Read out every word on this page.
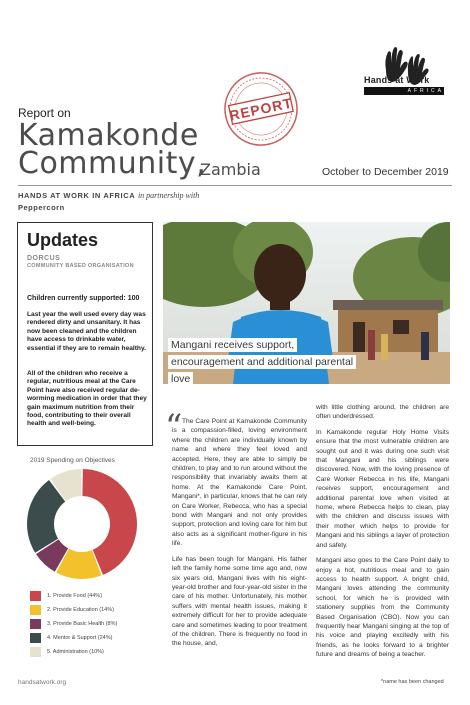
Hands at Work
AFRICA
REPORT
Report on
Kamakonde
Community,
Zambia	October to December 2019
HANDS AT WORK IN AFRICA in partnership with
Peppercorn
Updates
DORCUS
COMMUNITY BASED ORGANISATION
Children currently supported: 100
Last year the well used every day was rendered dirty and unsanitary. It has now been cleaned and the children have access to drinkable water, essential if they are to remain healthy.
All of the children who receive a regular, nutritious meal at the Care Point have also received regular de-worming medication in order that they gain maximum nutrition from their food, contributing to their overall health and well-being.
Mangani receives support, encouragement and additional parental love
2019 Spending on Objectives
1. Provide Food (44%)
2. Provide Education (14%)
3. Provide Basic Health (8%)
4. Mentor & Support (24%)
5. Administration (10%)
handsatwork.org	*name has been changed
“ The Care Point at Kamakonde Community is a compassion-filled, loving environment where the children are individually known by name and where they feel loved and accepted. Here, they are able to simply be children, to play and to run around without the responsibility that invariably awaits them at home. At the Kamakonde Care Point, Mangani*, in particular, knows that he can rely on Care Worker, Rebecca, who has a special bond with Mangani and not only provides support, protection and loving care for him but also acts as a significant mother-figure in his life.

Life has been tough for Mangani. His father left the family home some time ago and, now six years old, Mangani lives with his eight-year-old brother and four-year-old sister in the care of his mother. Unfortunately, his mother suffers with mental health issues, making it extremely difficult for her to provide adequate care and sometimes leading to poor treatment of the children. There is frequently no food in the house, and,

with little clothing around, the children are often underdressed.

In Kamakonde regular Holy Home Visits ensure that the most vulnerable children are sought out and it was during one such visit that Mangani and his siblings were discovered. Now, with the loving presence of Care Worker Rebecca in his life, Mangani receives support, encouragement and additional parental love when visited at home, where Rebecca helps to clean, play with the children and discuss issues with their mother which helps to provide for Mangani and his siblings a layer of protection and safety.

Mangani also goes to the Care Point daily to enjoy a hot, nutritious meal and to gain access to health support. A bright child, Mangani loves attending the community school, for which he is provided with stationery supplies from the Community Based Organisation (CBO). Now you can frequently hear Mangani singing at the top of his voice and playing excitedly with his friends, as he looks forward to a brighter future and dreams of being a teacher.
